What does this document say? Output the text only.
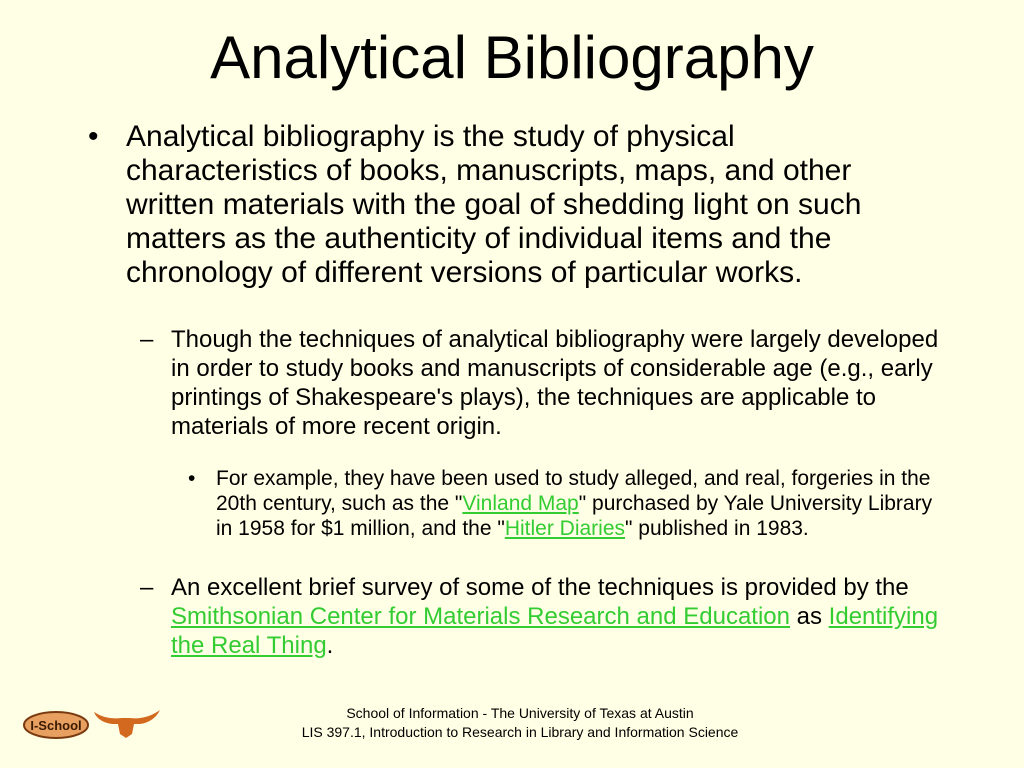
Analytical Bibliography
• Analytical bibliography is the study of physical characteristics of books, manuscripts, maps, and other written materials with the goal of shedding light on such matters as the authenticity of individual items and the chronology of different versions of particular works.
– Though the techniques of analytical bibliography were largely developed in order to study books and manuscripts of considerable age (e.g., early printings of Shakespeare's plays), the techniques are applicable to materials of more recent origin.
• For example, they have been used to study alleged, and real, forgeries in the 20th century, such as the "Vinland Map" purchased by Yale University Library in 1958 for $1 million, and the "Hitler Diaries" published in 1983.
– An excellent brief survey of some of the techniques is provided by the Smithsonian Center for Materials Research and Education as Identifying the Real Thing.
I-School
School of Information - The University of Texas at Austin
LIS 397.1, Introduction to Research in Library and Information Science
